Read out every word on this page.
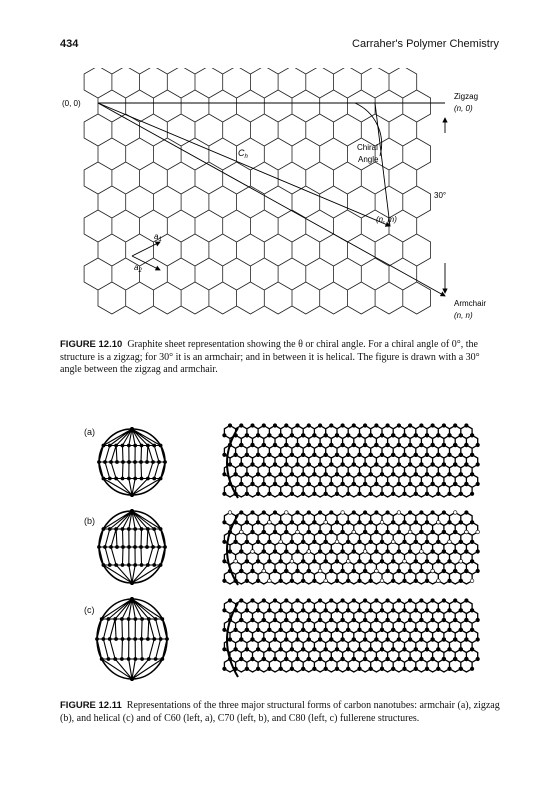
434	Carraher's Polymer Chemistry
(0, 0)
Zigzag
(n, 0)
$C_h$
Chiral
Angle
30°
(n, m)
$a_1$
$a_2$
Armchair
(n, n)
FIGURE 12.10 Graphite sheet representation showing the θ or chiral angle. For a chiral angle of 0°, the structure is a zigzag; for 30° it is an armchair; and in between it is helical. The figure is drawn with a 30° angle between the zigzag and armchair.
(a)
(b)
(c)
FIGURE 12.11 Representations of the three major structural forms of carbon nanotubes: armchair (a), zigzag (b), and helical (c) and of C60 (left, a), C70 (left, b), and C80 (left, c) fullerene structures.
